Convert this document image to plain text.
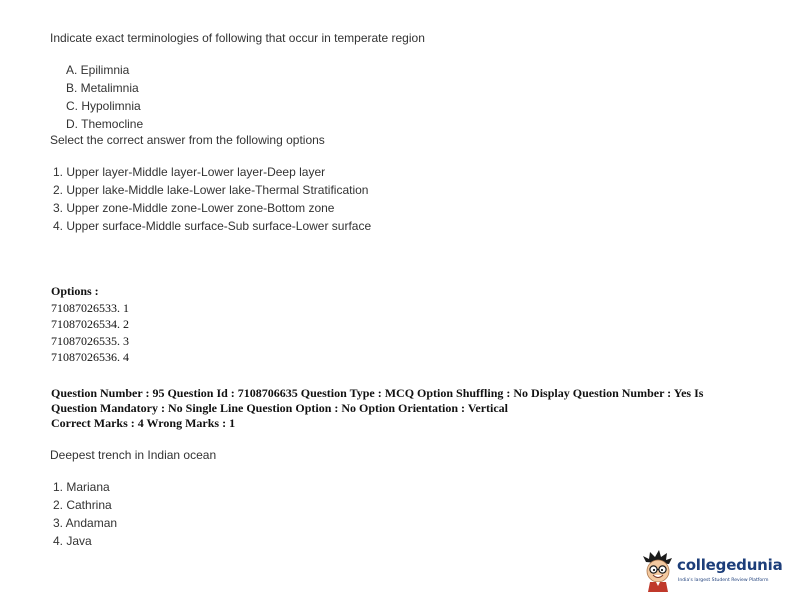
Indicate exact terminologies of following that occur in temperate region
A. Epilimnia
B. Metalimnia
C. Hypolimnia
D. Themocline
Select the correct answer from the following options
1. Upper layer-Middle layer-Lower layer-Deep layer
2. Upper lake-Middle lake-Lower lake-Thermal Stratification
3. Upper zone-Middle zone-Lower zone-Bottom zone
4. Upper surface-Middle surface-Sub surface-Lower surface
Options :
71087026533. 1
71087026534. 2
71087026535. 3
71087026536. 4
Question Number : 95 Question Id : 7108706635 Question Type : MCQ Option Shuffling : No Display Question Number : Yes Is
Question Mandatory : No Single Line Question Option : No Option Orientation : Vertical
Correct Marks : 4 Wrong Marks : 1
Deepest trench in Indian ocean
1. Mariana
2. Cathrina
3. Andaman
4. Java
collegedunia
India's largest Student Review Platform
